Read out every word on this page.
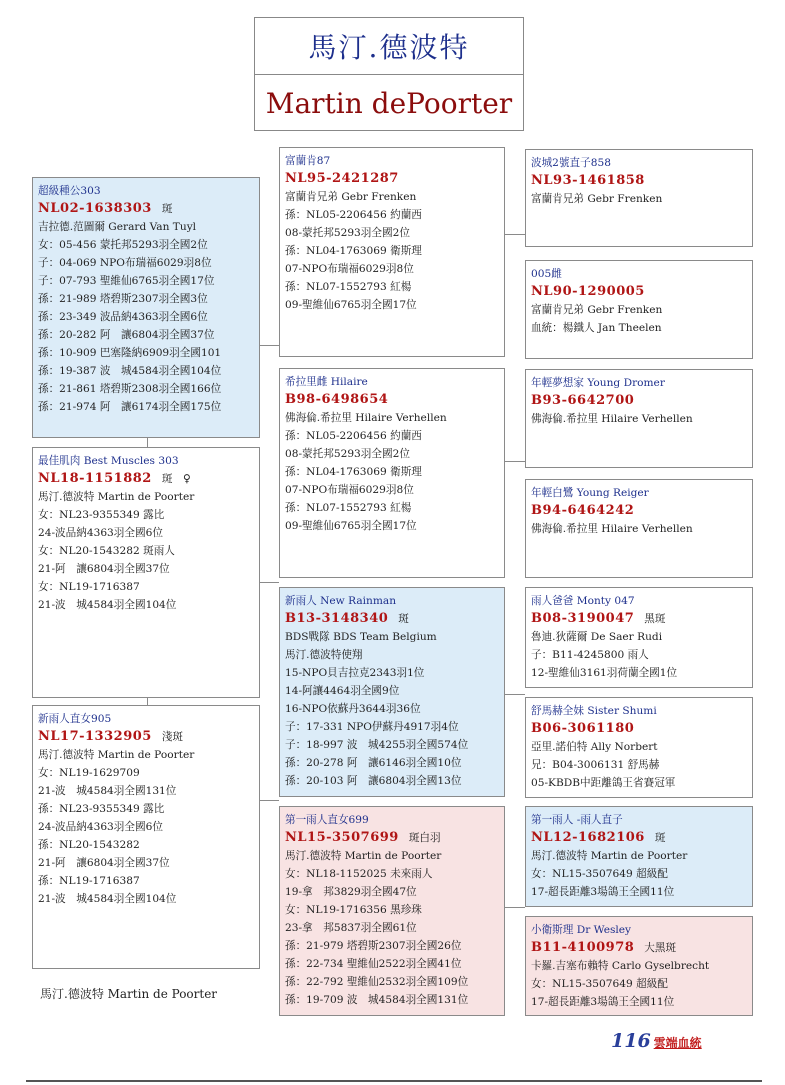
馬汀.德波特
Martin dePoorter
超級種公303
NL02-1638303 斑
吉拉德.范圖爾 Gerard Van Tuyl
女：05-456 蒙托邦5293羽全國2位
子：04-069 NPO布瑞福6029羽8位
子：07-793 聖維仙6765羽全國17位
孫：21-989 塔碧斯2307羽全國3位
孫：23-349 波品納4363羽全國6位
孫：20-282 阿　讓6804羽全國37位
孫：10-909 巴塞隆納6909羽全國101
孫：19-387 波　城4584羽全國104位
孫：21-861 塔碧斯2308羽全國166位
孫：21-974 阿　讓6174羽全國175位
最佳肌肉 Best Muscles 303
NL18-1151882 斑　♀
馬汀.德波特 Martin de Poorter
女：NL23-9355349 露比
24-波品納4363羽全國6位
女：NL20-1543282 斑雨人
21-阿　讓6804羽全國37位
女：NL19-1716387
21-波　城4584羽全國104位
新雨人直女905
NL17-1332905 淺斑
馬汀.德波特 Martin de Poorter
女：NL19-1629709
21-波　城4584羽全國131位
孫：NL23-9355349 露比
24-波品納4363羽全國6位
孫：NL20-1543282
21-阿　讓6804羽全國37位
孫：NL19-1716387
21-波　城4584羽全國104位
富蘭肯87
NL95-2421287
富蘭肯兄弟 Gebr Frenken
孫：NL05-2206456 約蘭西
08-蒙托邦5293羽全國2位
孫：NL04-1763069 衛斯理
07-NPO布瑞福6029羽8位
孫：NL07-1552793 紅楊
09-聖維仙6765羽全國17位
希拉里雌 Hilaire
B98-6498654
佛海倫.希拉里 Hilaire Verhellen
孫：NL05-2206456 約蘭西
08-蒙托邦5293羽全國2位
孫：NL04-1763069 衛斯理
07-NPO布瑞福6029羽8位
孫：NL07-1552793 紅楊
09-聖維仙6765羽全國17位
新雨人 New Rainman
B13-3148340 斑
BDS戰隊 BDS Team Belgium
馬汀.德波特使翔
15-NPO貝吉拉克2343羽1位
14-阿讓4464羽全國9位
16-NPO依蘇丹3644羽36位
子：17-331 NPO伊蘇丹4917羽4位
子：18-997 波　城4255羽全國574位
孫：20-278 阿　讓6146羽全國10位
孫：20-103 阿　讓6804羽全國13位
第一雨人直女699
NL15-3507699 斑白羽
馬汀.德波特 Martin de Poorter
女：NL18-1152025 未來雨人
19-拿　邦3829羽全國47位
女：NL19-1716356 黑珍珠
23-拿　邦5837羽全國61位
孫：21-979 塔碧斯2307羽全國26位
孫：22-734 聖維仙2522羽全國41位
孫：22-792 聖維仙2532羽全國109位
孫：19-709 波　城4584羽全國131位
波城2號直子858
NL93-1461858
富蘭肯兄弟 Gebr Frenken
005雌
NL90-1290005
富蘭肯兄弟 Gebr Frenken
血統：楊鐵人 Jan Theelen
年輕夢想家 Young Dromer
B93-6642700
佛海倫.希拉里 Hilaire Verhellen
年輕白鷺 Young Reiger
B94-6464242
佛海倫.希拉里 Hilaire Verhellen
雨人爸爸 Monty 047
B08-3190047 黑斑
魯迪.狄薩爾 De Saer Rudi
子：B11-4245800 雨人
12-聖維仙3161羽荷蘭全國1位
舒馬赫全妹 Sister Shumi
B06-3061180
亞里.諾伯特 Ally Norbert
兄：B04-3006131 舒馬赫
05-KBDB中距離鴿王省賽冠軍
第一雨人 -雨人直子
NL12-1682106 斑
馬汀.德波特 Martin de Poorter
女：NL15-3507649 超級配
17-超長距離3場鴿王全國11位
小衛斯理 Dr Wesley
B11-4100978 大黑斑
卡羅.吉塞布賴特 Carlo Gyselbrecht
女：NL15-3507649 超級配
17-超長距離3場鴿王全國11位
馬汀.德波特 Martin de Poorter
116 雲端血統
